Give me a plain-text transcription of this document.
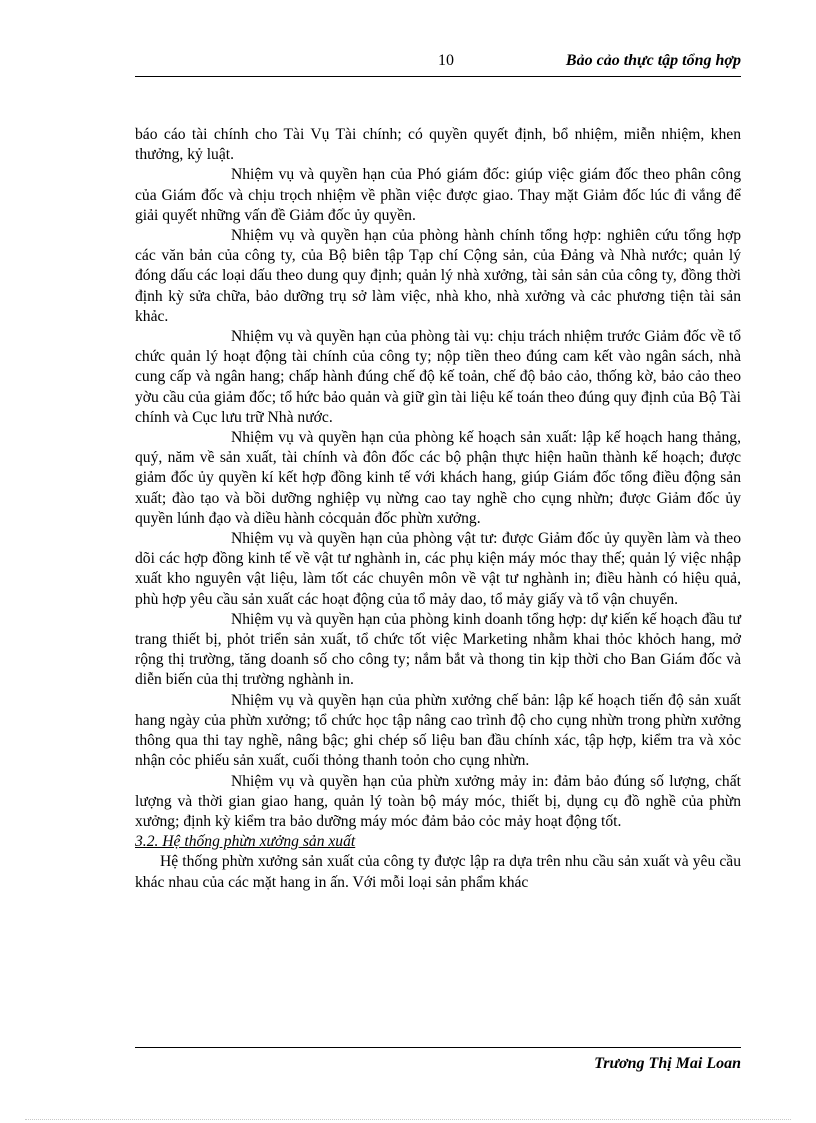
10	Bảo cảo thực tập tổng hợp

báo cáo tài chính cho Tài Vụ Tài chính; có quyền quyết định, bổ nhiệm, miễn nhiệm, khen thưởng, kỷ luật.

Nhiệm vụ và quyền hạn của Phó giám đốc: giúp việc giám đốc theo phân công của Giám đốc và chịu trọch nhiệm về phần việc được giao. Thay mặt Giảm đốc lúc đi vắng để giải quyết những vấn đề Giảm đốc ủy quyền.

Nhiệm vụ và quyền hạn của phòng hành chính tổng hợp: nghiên cứu tổng hợp các văn bản của công ty, của Bộ biên tập Tạp chí Cộng sản, của Đảng và Nhà nước; quản lý đóng dấu các loại dấu theo dung quy định; quản lý nhà xưởng, tài sản sản của công ty, đồng thời định kỳ sửa chữa, bảo dưỡng trụ sở làm việc, nhà kho, nhà xưởng và cảc phương tiện tài sản khảc.

Nhiệm vụ và quyền hạn của phòng tài vụ: chịu trách nhiệm trước Giảm đốc về tổ chức quản lý hoạt động tài chính của công ty; nộp tiền theo đúng cam kết vào ngân sách, nhà cung cấp và ngân hang; chấp hành đúng chế độ kế toản, chế độ bảo cảo, thống kờ, bảo cảo theo yờu cầu của giảm đốc; tổ hức bảo quản và giữ gìn tài liệu kế toán theo đúng quy định của Bộ Tài chính và Cục lưu trữ Nhà nước.

Nhiệm vụ và quyền hạn của phòng kế hoạch sản xuất: lập kế hoạch hang thảng, quý, năm về sản xuất, tài chính và đôn đốc các bộ phận thực hiện haũn thành kế hoạch; được giảm đốc ủy quyền kí kết hợp đồng kinh tế với khách hang, giúp Giám đốc tổng điều động sản xuất; đào tạo và bồi dưỡng nghiệp vụ nừng cao tay nghề cho cụng nhừn; được Giảm đốc ủy quyền lúnh đạo và diều hành cỏcquản đốc phừn xưởng.

Nhiệm vụ và quyền hạn của phòng vật tư: được Giảm đốc ủy quyền làm và theo dõi các hợp đồng kinh tế về vật tư nghành in, các phụ kiện máy móc thay thế; quản lý việc nhập xuất kho nguyên vật liệu, làm tốt các chuyên môn về vật tư nghành in; điều hành có hiệu quả, phù hợp yêu cầu sản xuất các hoạt động của tổ mảy dao, tổ mảy giấy và tổ vận chuyển.

Nhiệm vụ và quyền hạn của phòng kinh doanh tổng hợp: dự kiến kế hoạch đầu tư trang thiết bị, phỏt triển sản xuất, tổ chức tốt việc Marketing nhằm khai thỏc khỏch hang, mở rộng thị trường, tăng doanh số cho công ty; nắm bắt và thong tin kịp thời cho Ban Giám đốc và diễn biến của thị trường nghành in.

Nhiệm vụ và quyền hạn của phừn xưởng chế bản: lập kế hoạch tiến độ sản xuất hang ngày của phừn xưởng; tổ chức học tập nâng cao trình độ cho cụng nhừn trong phừn xưởng thông qua thi tay nghề, nâng bậc; ghi chép số liệu ban đầu chính xác, tập hợp, kiểm tra và xỏc nhận cỏc phiếu sản xuất, cuối thỏng thanh toỏn cho cụng nhừn.

Nhiệm vụ và quyền hạn của phừn xưởng mảy in: đảm bảo đúng số lượng, chất lượng và thời gian giao hang, quản lý toàn bộ máy móc, thiết bị, dụng cụ đồ nghề của phừn xưởng; định kỳ kiểm tra bảo dưỡng máy móc đảm bảo cỏc mảy hoạt động tốt.

3.2. Hệ thống phừn xưởng sản xuất

Hệ thống phừn xưởng sản xuất của công ty được lập ra dựa trên nhu cầu sản xuất và yêu cầu khác nhau của các mặt hang in ấn. Với mỗi loại sản phẩm khác

Trương Thị Mai Loan
